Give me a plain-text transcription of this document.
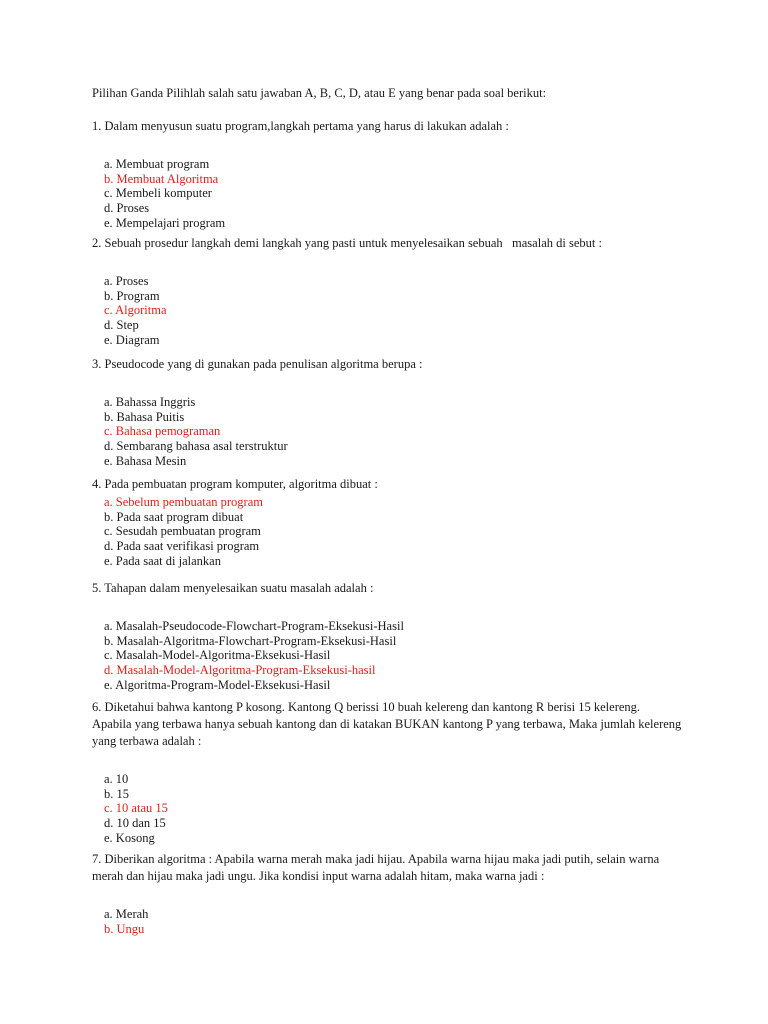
Pilihan Ganda Pilihlah salah satu jawaban A, B, C, D, atau E yang benar pada soal berikut:

1. Dalam menyusun suatu program,langkah pertama yang harus di lakukan adalah :

a. Membuat program
b. Membuat Algoritma
c. Membeli komputer
d. Proses
e. Mempelajari program

2. Sebuah prosedur langkah demi langkah yang pasti untuk menyelesaikan sebuah   masalah di sebut :

a. Proses
b. Program
c. Algoritma
d. Step
e. Diagram

3. Pseudocode yang di gunakan pada penulisan algoritma berupa :

a. Bahassa Inggris
b. Bahasa Puitis
c. Bahasa pemograman
d. Sembarang bahasa asal terstruktur
e. Bahasa Mesin

4. Pada pembuatan program komputer, algoritma dibuat :

a. Sebelum pembuatan program
b. Pada saat program dibuat
c. Sesudah pembuatan program
d. Pada saat verifikasi program
e. Pada saat di jalankan

5. Tahapan dalam menyelesaikan suatu masalah adalah :

a. Masalah-Pseudocode-Flowchart-Program-Eksekusi-Hasil
b. Masalah-Algoritma-Flowchart-Program-Eksekusi-Hasil
c. Masalah-Model-Algoritma-Eksekusi-Hasil
d. Masalah-Model-Algoritma-Program-Eksekusi-hasil
e. Algoritma-Program-Model-Eksekusi-Hasil

6. Diketahui bahwa kantong P kosong. Kantong Q berissi 10 buah kelereng dan kantong R berisi 15 kelereng. Apabila yang terbawa hanya sebuah kantong dan di katakan BUKAN kantong P yang terbawa, Maka jumlah kelereng yang terbawa adalah :

a. 10
b. 15
c. 10 atau 15
d. 10 dan 15
e. Kosong

7. Diberikan algoritma : Apabila warna merah maka jadi hijau. Apabila warna hijau maka jadi putih, selain warna merah dan hijau maka jadi ungu. Jika kondisi input warna adalah hitam, maka warna jadi :

a. Merah
b. Ungu
